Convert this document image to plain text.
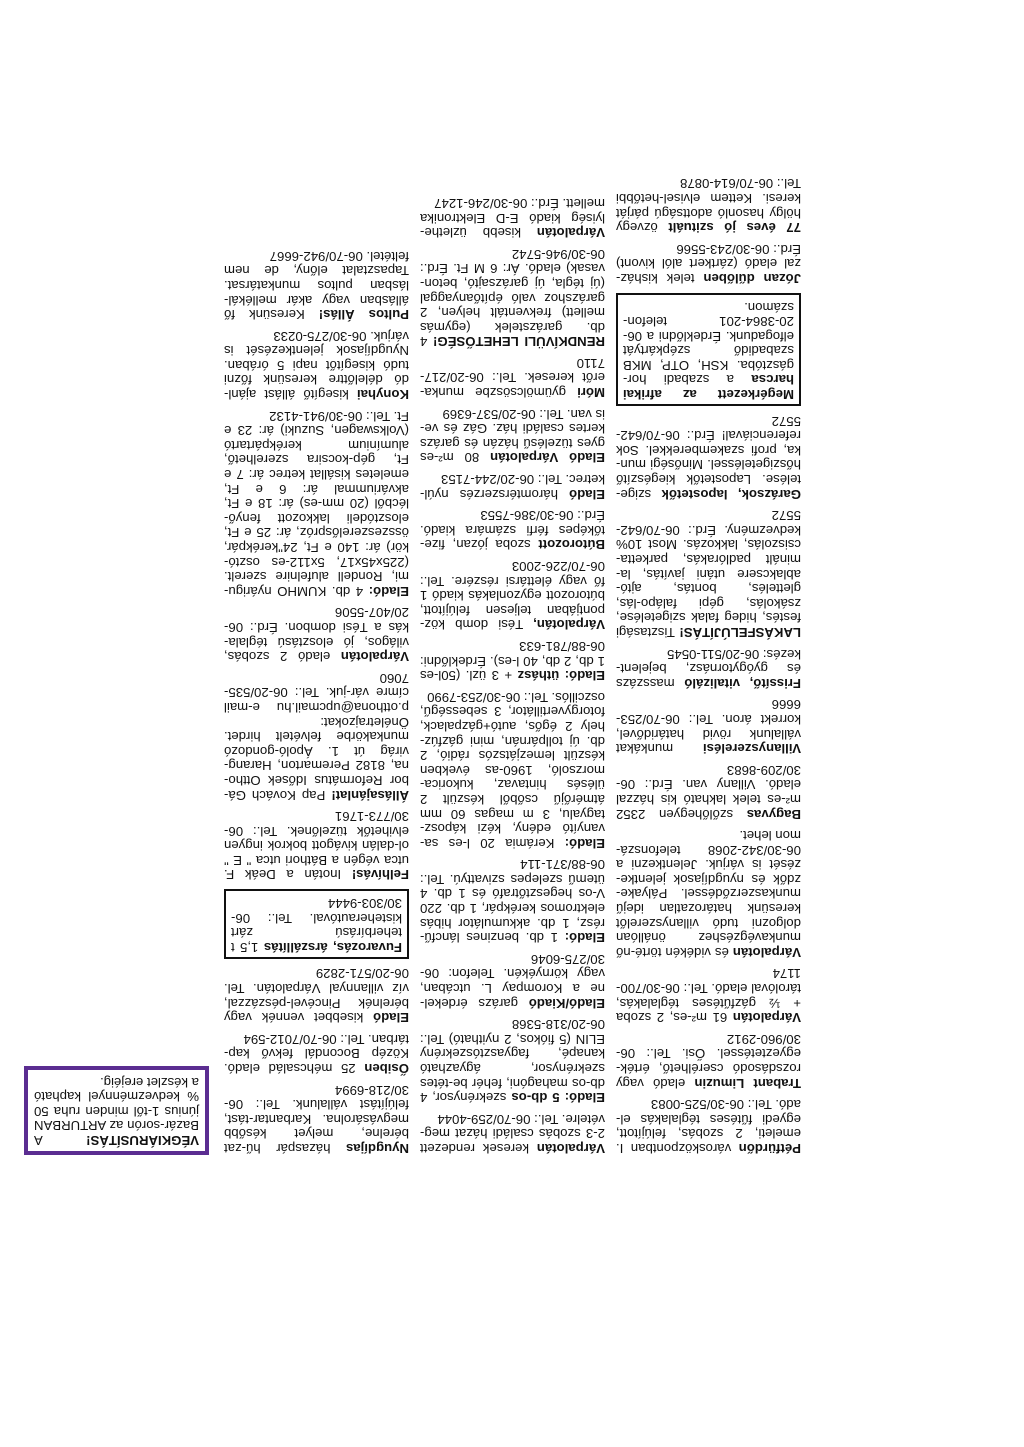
VÉGKIÁRUSÍTÁS! A Bazár-sorón az ARTURBAN június 1-től minden ruha 50 % kedvezménnyel kapható a készlet erejéig.
Nyugdíjas házaspár hű-zat bérelne, melyet később megvásárolna. Karbantar-tást, felújítást vállalunk. Tel.: 06-30/218-6994
Ősiben 25 méhcsalád eladó. Közép Bocondál fekvő kap-tárban. Tel.: 06-70/7012-594
Eladó kisebbet vennék vagy bérelnék Pincével-pészázzal, víz villannyal Várpalotán. Tel. 06-20/571-2829
Fuvarozás, árszállítás 1,5 t teherbírású zárt kisteherautóval. Tel.: 06-30/303-9444
Felhívás! Inotán a Deák F. utca végén a Báthori utca " E " ol-dalán kivágott bokrok ingyen elvihetők tüzelőnek. Tel.: 06-30/773-1761
Állásajánlat! Pap Kovách Gá-bor Református Idősek Ottho-na, 8182 Peremarton, Harang-virág út 1. Ápoló-gondozó munkakörbe felvételt hirdet. Önéletrajzokat: p.otthona@upcmail.hu e-mail címre vár-juk. Tel.: 06-20/535-7060
Várpalotán eladó 2 szobás, világos, jó elosztású téglala-kás a Tési dombon. Érd.: 06-20/407-5506
Eladó: 4 db. KUMHO nyárigu-mi, Rondell alufelnire szerelt. (225x45x17, 5x112-es osztó-kör) ár: 140 e Ft, 24"kerékpár, összeszerelőspróz, ár: 25 e Ft, elosztódeli lakkozott fenyő-lécből (20 mm-es) ár: 18 e Ft, akváriummal ár: 6 e Ft, emeletes kisállat ketrec ár: 7 e Ft, gép-kocsira szerelhető, alumínium kerékpártartó (Volkswagen, Suzuki) ár: 23 e Ft. Tel.: 06-30/941-4132
Konyhai kisegítő állást ajánl-dó délelőttre keresünk főzni tudó kisegítőt napi 5 órában. Nyugdíjasok jelentkezését is várjuk. 06-30/275-0233
Pultos Állás! Keresünk fő állásban vagy akár mellékál-lásban pultos munkatársat. Tapasztalat előny, de nem feltétel. 06-70/942-6667
Várpalotán keresek rendezett 2-3 szobás családi házat meg-vételre. Tel.: 06-70/259-4044
Eladó: 5 db-os szekrénysor, 4 db-os mahagóni, fehér be-tétes szekrénysor, ágyazható kanapé, fagyasztószekrény ELIN (5 fiókos, 2 nyitható) Tel.: 06-20/318-5368
Eladó/Kiadó garázs érdekel-ne a Korompay L. utcában, vagy környékén. Telefon: 06-30/275-6046
Eladó: 1 db. benzines láncfű-rész, 1 db. akkumulátor hibás elektromos kerékpár, 1 db. 220 V-os hegesztőtrafó és 1 db. 4 ütemű szelepes szivattyú. Tel.: 06-88/371-114
Eladó: Kerámia 20 l-es sa-vanyító edény, kézi káposz-tagyalu, 3 m magas 60 mm átmérőjű csőből készült 2 ülésés hintavaz, kukorica-morzsoló, 1960-as években készült lemezjátszós rádió, 2 db. új tollpárnán, mini gázfúz-hely 2 égős, autó+gázpalack, fotorgyvertillátor, 3 sebességű, oszcillós. Tel.: 06-30/253-7990
Eladó: üthász + 3 üzl. (50l-es 1 db, 2 db, 40 l-es). Érdeklődni: 06-88/781-633
Várpalotán, Tési domb köz-pontjában teljesen felújított, bútorozott egyzonlakás kiadó 1 fő vagy élettársi részére. Tel.: 06-70/226-2003
Bútorozott szoba józan, fize-tőképes férfi számára kiadó. Érd.: 06-30/386-7553
Eladó háromtérszerzés nyúl-ketrec. Tel.: 06-20/244-7153
Eladó Várpalotán 80 m²-es gyes tüzelésű házán és garázs kertes családi ház. Gáz és ve-is van. Tel.: 06-20/537-6369
Móri gyümölcsöszbe munka-erőt keresek. Tel.: 06-20/217-7110
RENDKÍVÜLI LEHETŐSÉG! 4 db. garázstelek (egymás mellett) frekventált helyen, 2 garázshoz való építőanyaggal (új tégla, új garázsajtó, beton-vasak) eladó. Ár: 6 M Ft. Érd.: 06-30/946-5742
Várpalotán kisebb üzlethe-lyiség kiadó E-D Elektronika mellett. Érd.: 06-30/246-1247
Pétfürdőn városközpontban I. emeleti, 2 szobás, felújított, egyedi fűtéses téglalakás el-adó. Tel.: 06-30/525-0083
Trabant Limuzin eladó vagy rozsdásodó cserélhető, érték-egyeztetéssel. Ősi. Tel.: 06-30/960-2912
Várpalotán 61 m²-es, 2 szoba + ½ gázfűtéses téglalakás, tárolóval eladó. Tel.: 06-30/700-1174
Várpalotán és vidékén törté-nő munkavégzéshez önállóan dolgozni tudó villanyszerelőt keresünk határozatlan idejű munkaszerződéssel. Pályake-zdők és nyugdíjasok jelentke-zését is várjuk. Jelentkezni a 06-30/342-2068 telefonszá-mon lehet.
Bagyvas szőlőhegyen 2352 m²-es telek lakható kis házzal eladó. Villany van. Érd.: 06-30/209-8683
Villanyszerelési munkákat vállalunk rövid határidővel, korrekt áron. Tel.: 06-70/253-6666
Frissítő, vitalizáló masszázs és gyógytornász, bejelent-kezés: 06-20/511-0545
LAKÁSFELÚJÍTÁS! Tisztasági festés, hideg falak szigetelése, zsákolás, gépi falápo-lás, glettelés, bontás, ajtó-ablakcsere utáni javítás, la-minált padlórakás, parketta-csiszolás, lakkozás. Most 10% kedvezmény. Érd.: 06-70/642-5572
Garázsok, lapostetők szige-telése. Lapostetők kiegészítő hőszigeteléssel. Minőségi mun-ka, profi szakemberekkel. Sok referenciával! Érd.: 06-70/642-5572
Megérkezett az afrikai harcsa a szabadi hor-gásztóba. KSH, OTP, MKB szabadidő szépkártyát elfogadunk. Érdeklődni a 06-20-3864-201 telefon-számon.
Józan dűlőben telek kisház-zal eladó (zártkert alól kivont) Érd.: 06-30/243-5566
77 éves jó szituált özvegy hölgy hasonló adottságú párját keresi. Kettem elvisel-hetőbbi Tel.: 06-70/614-0878
